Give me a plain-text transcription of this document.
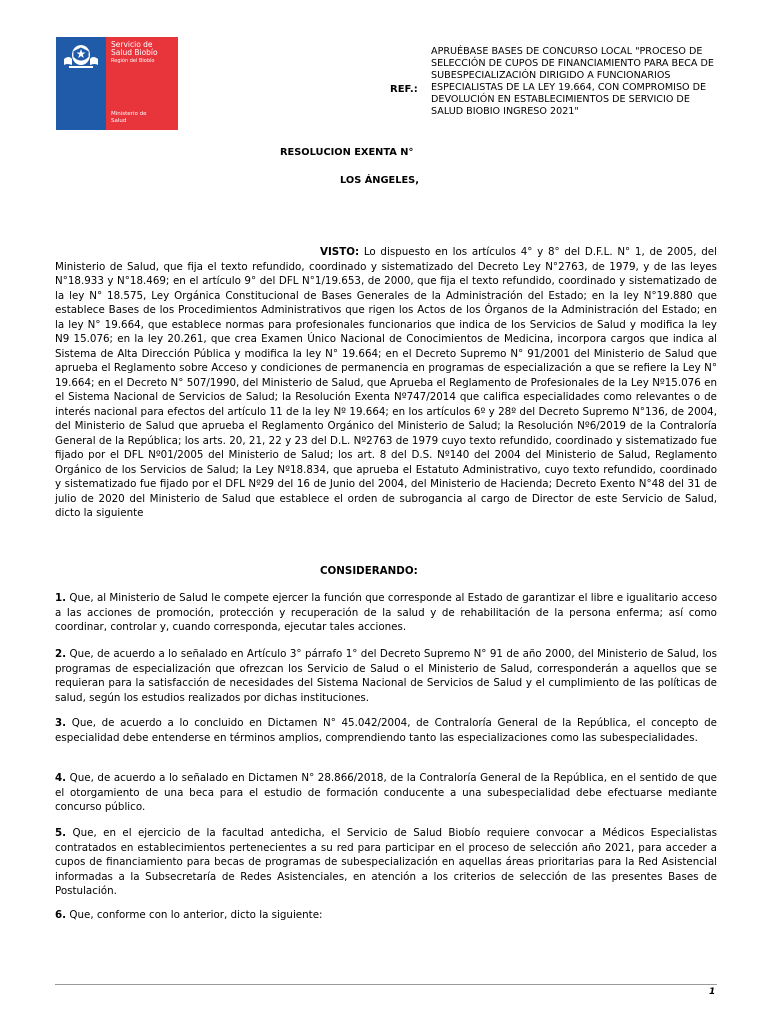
Servicio de
Salud Biobío
Región del Biobío
Ministerio de
Salud
REF.:
APRUÉBASE BASES DE CONCURSO LOCAL "PROCESO DE SELECCIÓN DE CUPOS DE FINANCIAMIENTO PARA BECA DE SUBESPECIALIZACIÓN DIRIGIDO A FUNCIONARIOS ESPECIALISTAS DE LA LEY 19.664, CON COMPROMISO DE DEVOLUCIÓN EN ESTABLECIMIENTOS DE SERVICIO DE SALUD BIOBIO INGRESO 2021"
RESOLUCION EXENTA N°
LOS ÁNGELES,
VISTO: Lo dispuesto en los artículos 4° y 8° del D.F.L. N° 1, de 2005, del Ministerio de Salud, que fija el texto refundido, coordinado y sistematizado del Decreto Ley N°2763, de 1979, y de las leyes N°18.933 y N°18.469; en el artículo 9° del DFL N°1/19.653, de 2000, que fija el texto refundido, coordinado y sistematizado de la ley N° 18.575, Ley Orgánica Constitucional de Bases Generales de la Administración del Estado; en la ley N°19.880 que establece Bases de los Procedimientos Administrativos que rigen los Actos de los Órganos de la Administración del Estado; en la ley N° 19.664, que establece normas para profesionales funcionarios que indica de los Servicios de Salud y modifica la ley N9 15.076; en la ley 20.261, que crea Examen Único Nacional de Conocimientos de Medicina, incorpora cargos que indica al Sistema de Alta Dirección Pública y modifica la ley N° 19.664; en el Decreto Supremo N° 91/2001 del Ministerio de Salud que aprueba el Reglamento sobre Acceso y condiciones de permanencia en programas de especialización a que se refiere la Ley N° 19.664; en el Decreto N° 507/1990, del Ministerio de Salud, que Aprueba el Reglamento de Profesionales de la Ley Nº15.076 en el Sistema Nacional de Servicios de Salud; la Resolución Exenta Nº747/2014 que califica especialidades como relevantes o de interés nacional para efectos del artículo 11 de la ley Nº 19.664; en los artículos 6º y 28º del Decreto Supremo N°136, de 2004, del Ministerio de Salud que aprueba el Reglamento Orgánico del Ministerio de Salud; la Resolución Nº6/2019 de la Contraloría General de la República; los arts. 20, 21, 22 y 23 del D.L. Nº2763 de 1979 cuyo texto refundido, coordinado y sistematizado fue fijado por el DFL Nº01/2005 del Ministerio de Salud; los art. 8 del D.S. Nº140 del 2004 del Ministerio de Salud, Reglamento Orgánico de los Servicios de Salud; la Ley Nº18.834, que aprueba el Estatuto Administrativo, cuyo texto refundido, coordinado y sistematizado fue fijado por el DFL Nº29 del 16 de Junio del 2004, del Ministerio de Hacienda; Decreto Exento N°48 del 31 de julio de 2020 del Ministerio de Salud que establece el orden de subrogancia al cargo de Director de este Servicio de Salud, dicto la siguiente
CONSIDERANDO:
1. Que, al Ministerio de Salud le compete ejercer la función que corresponde al Estado de garantizar el libre e igualitario acceso a las acciones de promoción, protección y recuperación de la salud y de rehabilitación de la persona enferma; así como coordinar, controlar y, cuando corresponda, ejecutar tales acciones.
2. Que, de acuerdo a lo señalado en Artículo 3° párrafo 1° del Decreto Supremo N° 91 de año 2000, del Ministerio de Salud, los programas de especialización que ofrezcan los Servicio de Salud o el Ministerio de Salud, corresponderán a aquellos que se requieran para la satisfacción de necesidades del Sistema Nacional de Servicios de Salud y el cumplimiento de las políticas de salud, según los estudios realizados por dichas instituciones.
3. Que, de acuerdo a lo concluido en Dictamen N° 45.042/2004, de Contraloría General de la República, el concepto de especialidad debe entenderse en términos amplios, comprendiendo tanto las especializaciones como las subespecialidades.
4. Que, de acuerdo a lo señalado en Dictamen N° 28.866/2018, de la Contraloría General de la República, en el sentido de que el otorgamiento de una beca para el estudio de formación conducente a una subespecialidad debe efectuarse mediante concurso público.
5. Que, en el ejercicio de la facultad antedicha, el Servicio de Salud Biobío requiere convocar a Médicos Especialistas contratados en establecimientos pertenecientes a su red para participar en el proceso de selección año 2021, para acceder a cupos de financiamiento para becas de programas de subespecialización en aquellas áreas prioritarias para la Red Asistencial informadas a la Subsecretaría de Redes Asistenciales, en atención a los criterios de selección de las presentes Bases de Postulación.
6. Que, conforme con lo anterior, dicto la siguiente:
1
